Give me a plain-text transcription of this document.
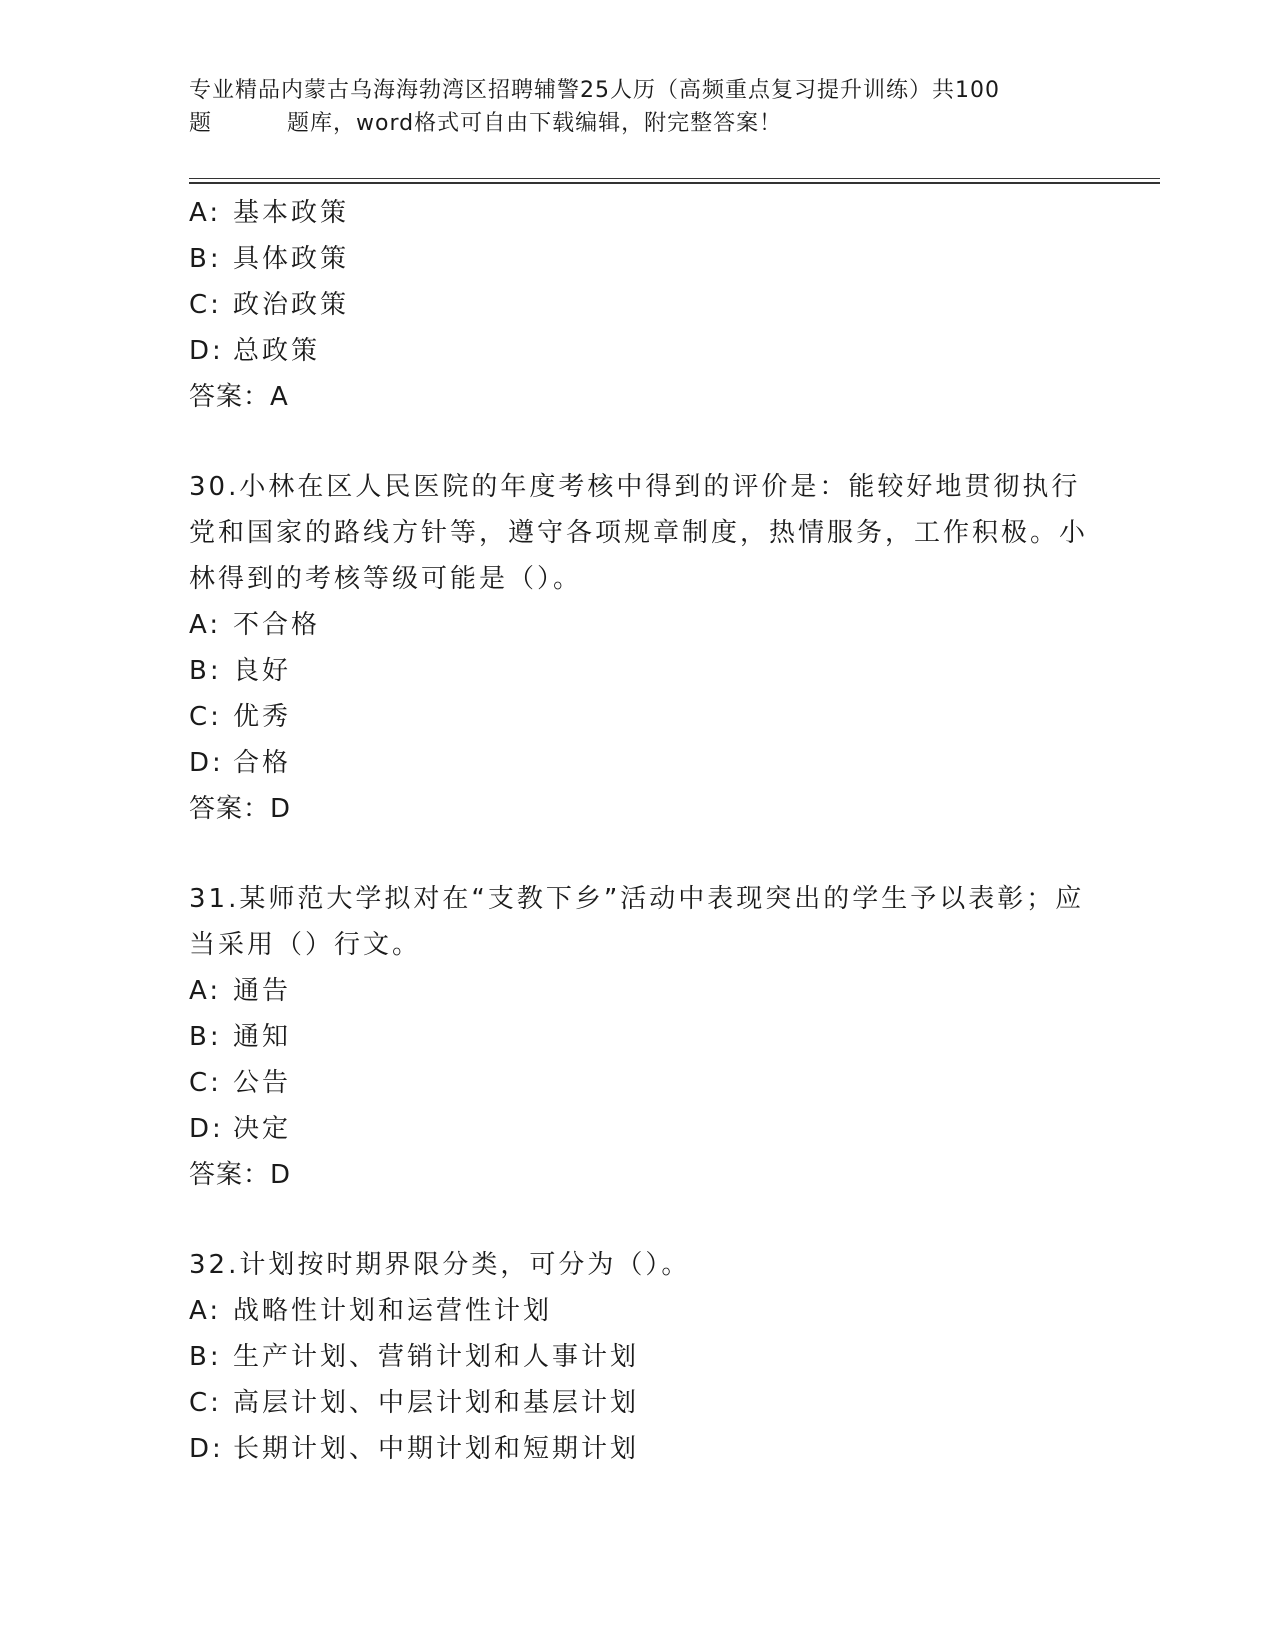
专业精品内蒙古乌海海勃湾区招聘辅警25人历（高频重点复习提升训练）共100
题	题库，word格式可自由下载编辑，附完整答案！
A: 基本政策
B: 具体政策
C: 政治政策
D: 总政策
答案：A
30.小林在区人民医院的年度考核中得到的评价是：能较好地贯彻执行党和国家的路线方针等，遵守各项规章制度，热情服务，工作积极。小林得到的考核等级可能是（）。
A: 不合格
B: 良好
C: 优秀
D: 合格
答案：D
31.某师范大学拟对在“支教下乡”活动中表现突出的学生予以表彰；应当采用（）行文。
A: 通告
B: 通知
C: 公告
D: 决定
答案：D
32.计划按时期界限分类，可分为（）。
A: 战略性计划和运营性计划
B: 生产计划、营销计划和人事计划
C: 高层计划、中层计划和基层计划
D: 长期计划、中期计划和短期计划
